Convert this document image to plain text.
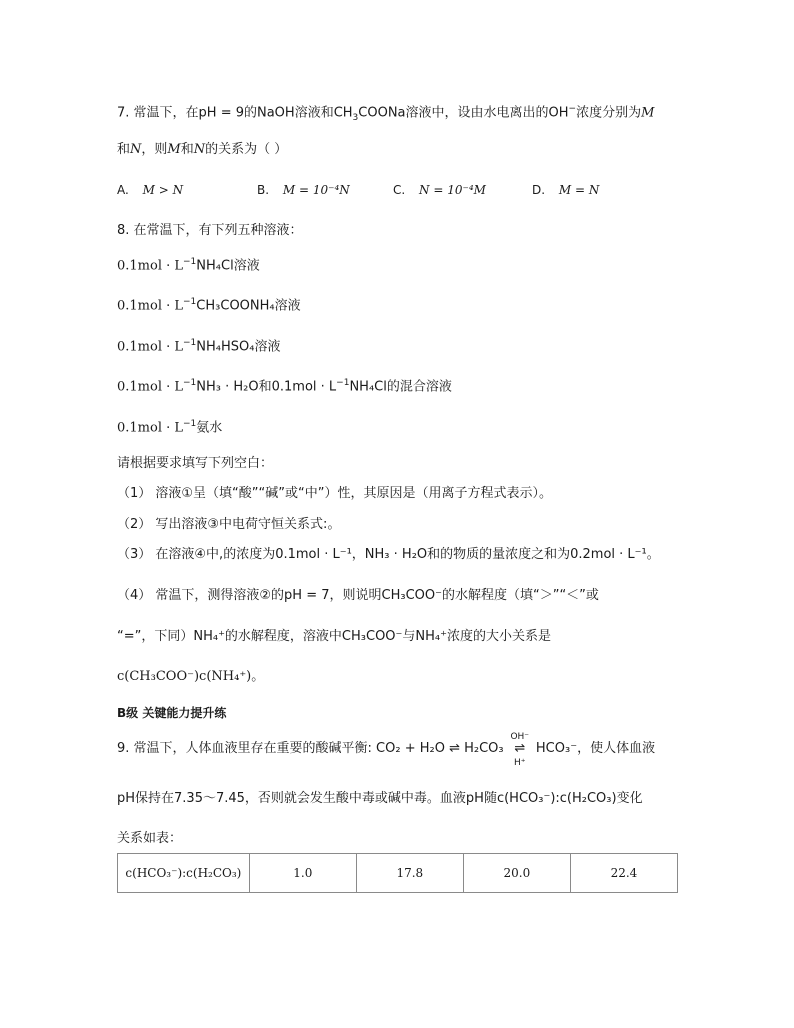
7. 常温下，在pH = 9的NaOH溶液和$CH_3COONa$溶液中，设由水电离出的OH−浓度分别为M
和N，则M和N的关系为（ ）
A. M > N	B. M = 10⁻⁴N	C. N = 10⁻⁴M	D. M = N
8. 在常温下，有下列五种溶液：
$0.1mol \cdot L^{-1}NH_4Cl$溶液
$0.1mol \cdot L^{-1}CH_3COONH_4$溶液
$0.1mol \cdot L^{-1}NH_4HSO_4$溶液
$0.1mol \cdot L^{-1}NH_3 \cdot H_2O$和$0.1mol \cdot L^{-1}NH_4Cl$的混合溶液
$0.1mol \cdot L^{-1}$氨水
请根据要求填写下列空白：
（1） 溶液①呈（填“酸”“碱”或“中”）性，其原因是（用离子方程式表示）。
（2） 写出溶液③中电荷守恒关系式:。
（3） 在溶液④中,的浓度为0.1mol · L⁻¹，NH₃ · H₂O和的物质的量浓度之和为0.2mol · L⁻¹。
（4） 常温下，测得溶液②的pH = 7，则说明CH₃COO⁻的水解程度（填“＞”“＜”或
“=”，下同）NH₄⁺的水解程度，溶液中CH₃COO⁻与NH₄⁺浓度的大小关系是
c(CH₃COO⁻)c(NH₄⁺)。
B级 关键能力提升练
9. 常温下，人体血液里存在重要的酸碱平衡: CO₂ + H₂O ⇌ H₂CO₃
OH⁻
⇌
H⁺
HCO₃⁻，使人体血液
pH保持在7.35～7.45，否则就会发生酸中毒或碱中毒。血液pH随c(HCO₃⁻):c(H₂CO₃)变化
关系如表：
c(HCO₃⁻):c(H₂CO₃)	1.0	17.8	20.0	22.4
